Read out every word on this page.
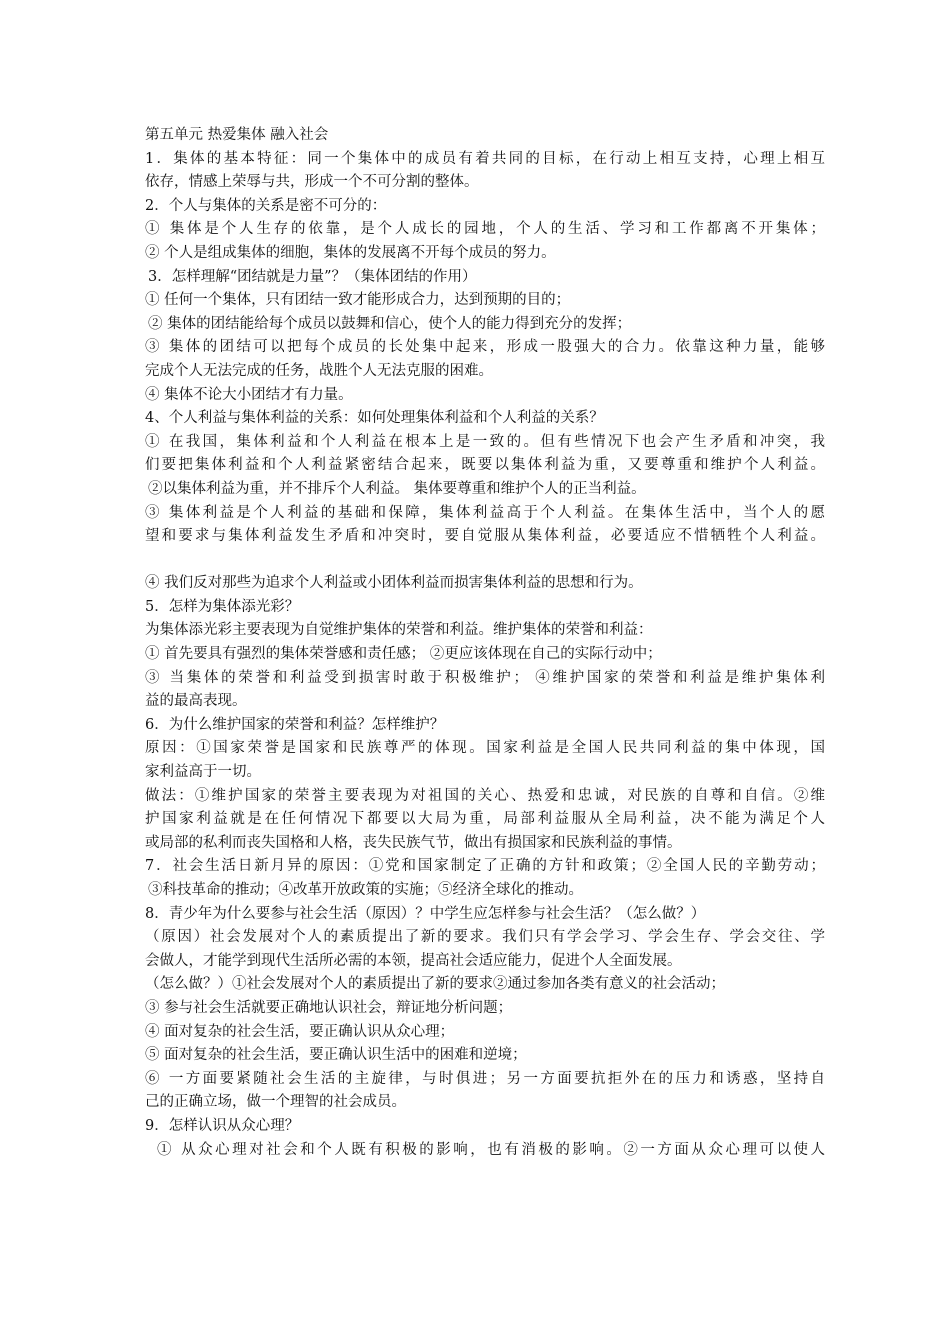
第五单元 热爱集体 融入社会
1．集体的基本特征：同一个集体中的成员有着共同的目标，在行动上相互支持，心理上相互
依存，情感上荣辱与共，形成一个不可分割的整体。
2．个人与集体的关系是密不可分的：
① 集体是个人生存的依靠，是个人成长的园地，个人的生活、学习和工作都离不开集体；
② 个人是组成集体的细胞，集体的发展离不开每个成员的努力。
3．怎样理解“团结就是力量”？（集体团结的作用）
① 任何一个集体，只有团结一致才能形成合力，达到预期的目的；
② 集体的团结能给每个成员以鼓舞和信心，使个人的能力得到充分的发挥；
③ 集体的团结可以把每个成员的长处集中起来，形成一股强大的合力。依靠这种力量，能够
完成个人无法完成的任务，战胜个人无法克服的困难。
④ 集体不论大小团结才有力量。
4、个人利益与集体利益的关系：如何处理集体利益和个人利益的关系？
① 在我国，集体利益和个人利益在根本上是一致的。但有些情况下也会产生矛盾和冲突，我
们要把集体利益和个人利益紧密结合起来，既要以集体利益为重，又要尊重和维护个人利益。
②以集体利益为重，并不排斥个人利益。 集体要尊重和维护个人的正当利益。
③ 集体利益是个人利益的基础和保障，集体利益高于个人利益。在集体生活中，当个人的愿
望和要求与集体利益发生矛盾和冲突时，要自觉服从集体利益，必要适应不惜牺牲个人利益。
④ 我们反对那些为追求个人利益或小团体利益而损害集体利益的思想和行为。
5．怎样为集体添光彩？
为集体添光彩主要表现为自觉维护集体的荣誉和利益。维护集体的荣誉和利益：
① 首先要具有强烈的集体荣誉感和责任感； ②更应该体现在自己的实际行动中；
③ 当集体的荣誉和利益受到损害时敢于积极维护； ④维护国家的荣誉和利益是维护集体利
益的最高表现。
6．为什么维护国家的荣誉和利益？怎样维护？
原因：①国家荣誉是国家和民族尊严的体现。国家利益是全国人民共同利益的集中体现，国
家利益高于一切。
做法：①维护国家的荣誉主要表现为对祖国的关心、热爱和忠诚，对民族的自尊和自信。②维
护国家利益就是在任何情况下都要以大局为重，局部利益服从全局利益，决不能为满足个人
或局部的私利而丧失国格和人格，丧失民族气节，做出有损国家和民族利益的事情。
7．社会生活日新月异的原因：①党和国家制定了正确的方针和政策；②全国人民的辛勤劳动；
③科技革命的推动；④改革开放政策的实施；⑤经济全球化的推动。
8．青少年为什么要参与社会生活（原因）？中学生应怎样参与社会生活？（怎么做？）
（原因）社会发展对个人的素质提出了新的要求。我们只有学会学习、学会生存、学会交往、学
会做人，才能学到现代生活所必需的本领，提高社会适应能力，促进个人全面发展。
（怎么做？）①社会发展对个人的素质提出了新的要求②通过参加各类有意义的社会活动；
③ 参与社会生活就要正确地认识社会，辩证地分析问题；
④ 面对复杂的社会生活，要正确认识从众心理；
⑤ 面对复杂的社会生活，要正确认识生活中的困难和逆境；
⑥ 一方面要紧随社会生活的主旋律，与时俱进；另一方面要抗拒外在的压力和诱惑，坚持自
己的正确立场，做一个理智的社会成员。
9．怎样认识从众心理？
① 从众心理对社会和个人既有积极的影响，也有消极的影响。②一方面从众心理可以使人
